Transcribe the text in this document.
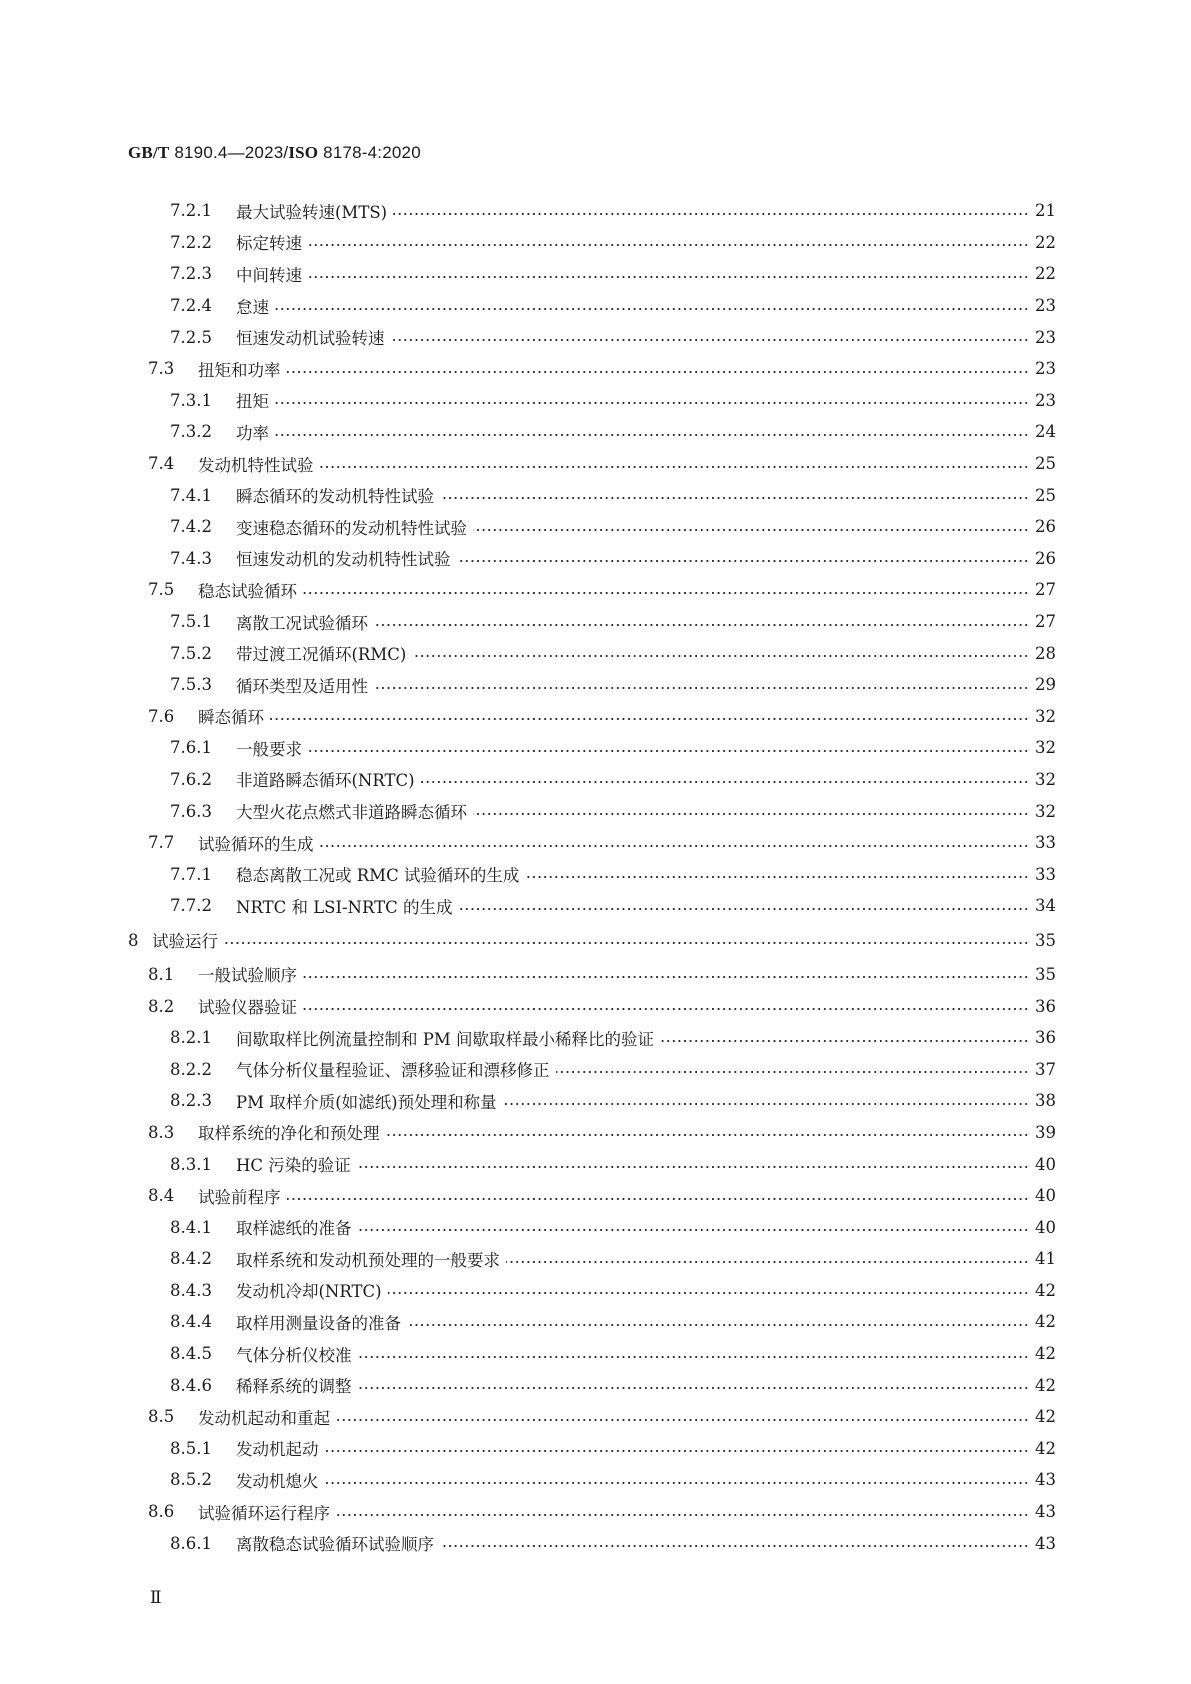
GB/T 8190.4—2023/ISO 8178-4:2020
7.2.1 最大试验转速(MTS)	21
7.2.2 标定转速	22
7.2.3 中间转速	22
7.2.4 怠速	23
7.2.5 恒速发动机试验转速	23
7.3 扭矩和功率	23
7.3.1 扭矩	23
7.3.2 功率	24
7.4 发动机特性试验	25
7.4.1 瞬态循环的发动机特性试验	25
7.4.2 变速稳态循环的发动机特性试验	26
7.4.3 恒速发动机的发动机特性试验	26
7.5 稳态试验循环	27
7.5.1 离散工况试验循环	27
7.5.2 带过渡工况循环(RMC)	28
7.5.3 循环类型及适用性	29
7.6 瞬态循环	32
7.6.1 一般要求	32
7.6.2 非道路瞬态循环(NRTC)	32
7.6.3 大型火花点燃式非道路瞬态循环	32
7.7 试验循环的生成	33
7.7.1 稳态离散工况或 RMC 试验循环的生成	33
7.7.2 NRTC 和 LSI-NRTC 的生成	34
8 试验运行	35
8.1 一般试验顺序	35
8.2 试验仪器验证	36
8.2.1 间歇取样比例流量控制和 PM 间歇取样最小稀释比的验证	36
8.2.2 气体分析仪量程验证、漂移验证和漂移修正	37
8.2.3 PM 取样介质(如滤纸)预处理和称量	38
8.3 取样系统的净化和预处理	39
8.3.1 HC 污染的验证	40
8.4 试验前程序	40
8.4.1 取样滤纸的准备	40
8.4.2 取样系统和发动机预处理的一般要求	41
8.4.3 发动机冷却(NRTC)	42
8.4.4 取样用测量设备的准备	42
8.4.5 气体分析仪校准	42
8.4.6 稀释系统的调整	42
8.5 发动机起动和重起	42
8.5.1 发动机起动	42
8.5.2 发动机熄火	43
8.6 试验循环运行程序	43
8.6.1 离散稳态试验循环试验顺序	43
Ⅱ
